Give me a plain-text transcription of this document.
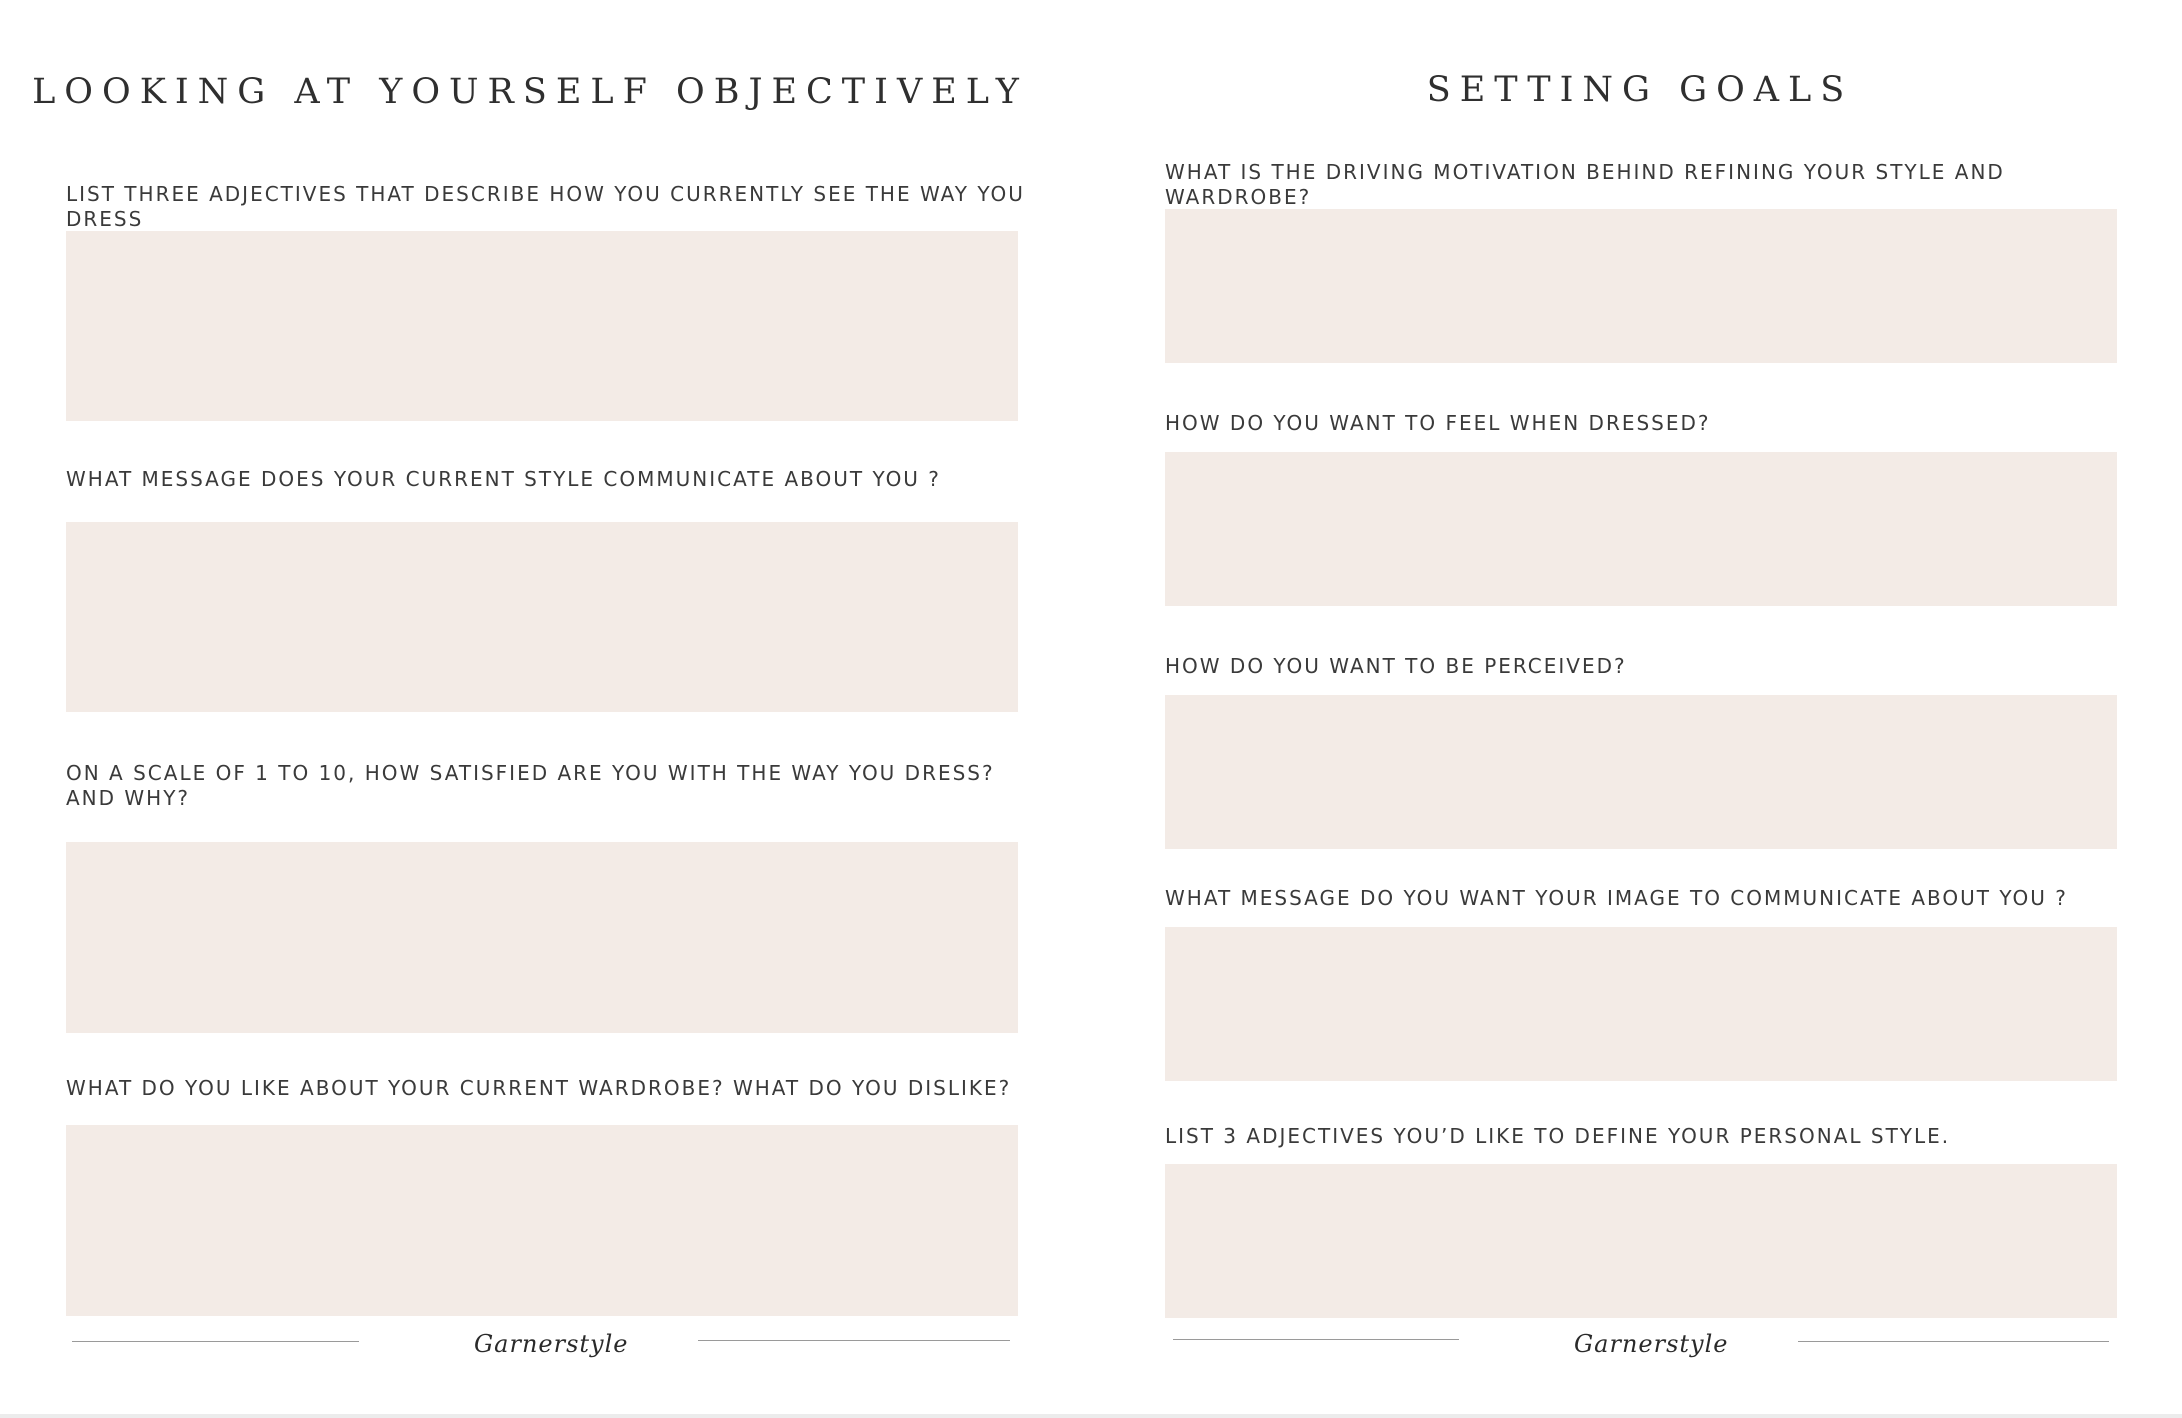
LOOKING AT YOURSELF OBJECTIVELY
LIST THREE ADJECTIVES THAT DESCRIBE HOW YOU CURRENTLY SEE THE WAY YOU DRESS
WHAT MESSAGE DOES YOUR CURRENT STYLE COMMUNICATE ABOUT YOU ?
ON A SCALE OF 1 TO 10, HOW SATISFIED ARE YOU WITH THE WAY YOU DRESS?
AND WHY?
WHAT DO YOU LIKE ABOUT YOUR CURRENT WARDROBE? WHAT DO YOU DISLIKE?
Garnerstyle
SETTING GOALS
WHAT IS THE DRIVING MOTIVATION BEHIND REFINING YOUR STYLE AND WARDROBE?
HOW DO YOU WANT TO FEEL WHEN DRESSED?
HOW DO YOU WANT TO BE PERCEIVED?
WHAT MESSAGE DO YOU WANT YOUR IMAGE TO COMMUNICATE ABOUT YOU ?
LIST 3 ADJECTIVES YOU’D LIKE TO DEFINE YOUR PERSONAL STYLE.
Garnerstyle
